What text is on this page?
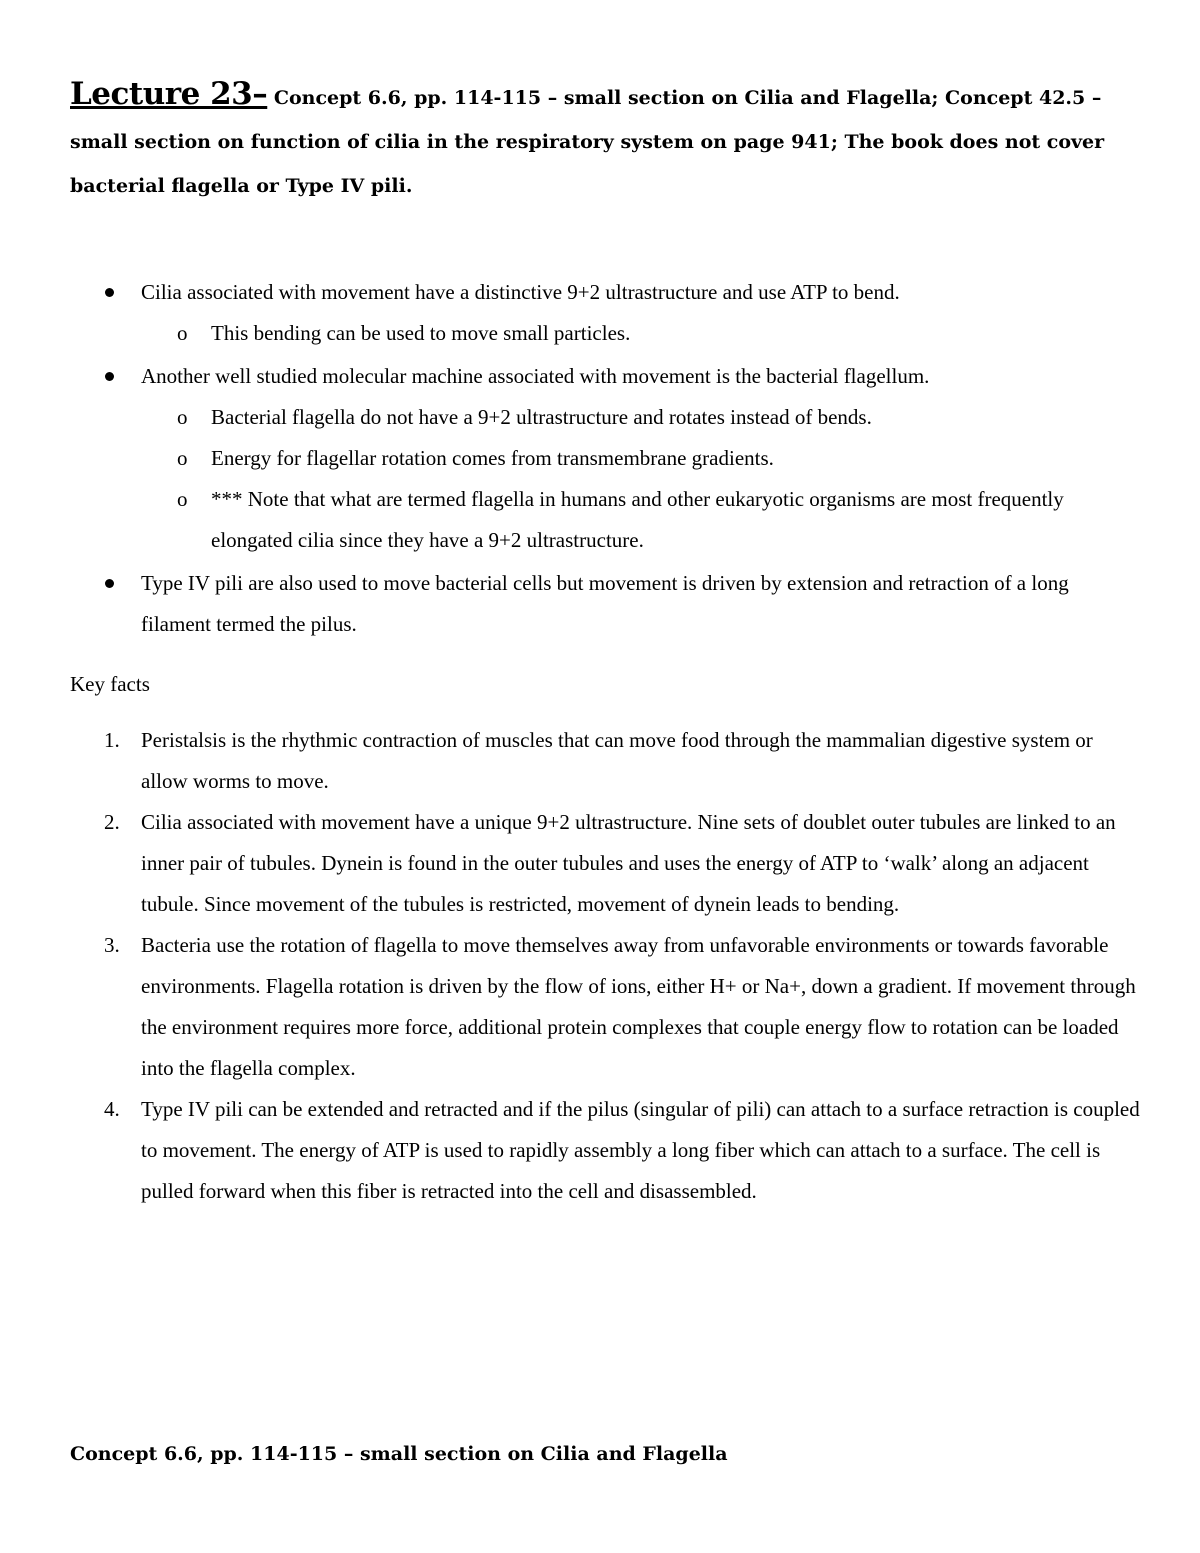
Lecture 23– Concept 6.6, pp. 114-115 – small section on Cilia and Flagella; Concept 42.5 – small section on function of cilia in the respiratory system on page 941; The book does not cover bacterial flagella or Type IV pili.
Cilia associated with movement have a distinctive 9+2 ultrastructure and use ATP to bend.
o This bending can be used to move small particles.
Another well studied molecular machine associated with movement is the bacterial flagellum.
o Bacterial flagella do not have a 9+2 ultrastructure and rotates instead of bends.
o Energy for flagellar rotation comes from transmembrane gradients.
o *** Note that what are termed flagella in humans and other eukaryotic organisms are most frequently elongated cilia since they have a 9+2 ultrastructure.
Type IV pili are also used to move bacterial cells but movement is driven by extension and retraction of a long filament termed the pilus.
Key facts
1. Peristalsis is the rhythmic contraction of muscles that can move food through the mammalian digestive system or allow worms to move.
2. Cilia associated with movement have a unique 9+2 ultrastructure. Nine sets of doublet outer tubules are linked to an inner pair of tubules. Dynein is found in the outer tubules and uses the energy of ATP to ‘walk’ along an adjacent tubule. Since movement of the tubules is restricted, movement of dynein leads to bending.
3. Bacteria use the rotation of flagella to move themselves away from unfavorable environments or towards favorable environments. Flagella rotation is driven by the flow of ions, either H+ or Na+, down a gradient. If movement through the environment requires more force, additional protein complexes that couple energy flow to rotation can be loaded into the flagella complex.
4. Type IV pili can be extended and retracted and if the pilus (singular of pili) can attach to a surface retraction is coupled to movement. The energy of ATP is used to rapidly assembly a long fiber which can attach to a surface. The cell is pulled forward when this fiber is retracted into the cell and disassembled.
Concept 6.6, pp. 114-115 – small section on Cilia and Flagella
